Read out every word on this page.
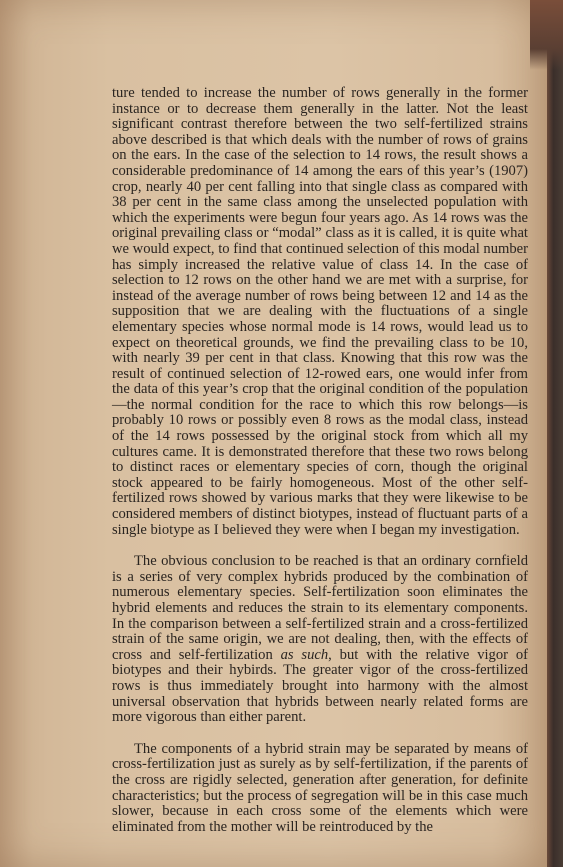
ture tended to increase the number of rows generally in the former instance or to decrease them generally in the latter. Not the least significant contrast therefore between the two self-fertilized strains above described is that which deals with the number of rows of grains on the ears. In the case of the selection to 14 rows, the result shows a considerable predominance of 14 among the ears of this year’s (1907) crop, nearly 40 per cent falling into that single class as compared with 38 per cent in the same class among the unselected population with which the experiments were begun four years ago. As 14 rows was the original prevailing class or “modal” class as it is called, it is quite what we would expect, to find that continued selection of this modal number has simply increased the relative value of class 14. In the case of selection to 12 rows on the other hand we are met with a surprise, for instead of the average number of rows being between 12 and 14 as the supposition that we are dealing with the fluctuations of a single elementary species whose normal mode is 14 rows, would lead us to expect on theoretical grounds, we find the prevailing class to be 10, with nearly 39 per cent in that class. Knowing that this row was the result of continued selection of 12-rowed ears, one would infer from the data of this year’s crop that the original condition of the population—the normal condition for the race to which this row belongs—is probably 10 rows or possibly even 8 rows as the modal class, instead of the 14 rows possessed by the original stock from which all my cultures came. It is demonstrated therefore that these two rows belong to distinct races or elementary species of corn, though the original stock appeared to be fairly homogeneous. Most of the other self-fertilized rows showed by various marks that they were likewise to be considered members of distinct biotypes, instead of fluctuant parts of a single biotype as I believed they were when I began my investigation.

The obvious conclusion to be reached is that an ordinary cornfield is a series of very complex hybrids produced by the combination of numerous elementary species. Self-fertilization soon eliminates the hybrid elements and reduces the strain to its elementary components. In the comparison between a self-fertilized strain and a cross-fertilized strain of the same origin, we are not dealing, then, with the effects of cross and self-fertilization as such, but with the relative vigor of biotypes and their hybirds. The greater vigor of the cross-fertilized rows is thus immediately brought into harmony with the almost universal observation that hybrids between nearly related forms are more vigorous than either parent.

The components of a hybrid strain may be separated by means of cross-fertilization just as surely as by self-fertilization, if the parents of the cross are rigidly selected, generation after generation, for definite characteristics; but the process of segregation will be in this case much slower, because in each cross some of the elements which were eliminated from the mother will be reintroduced by the
